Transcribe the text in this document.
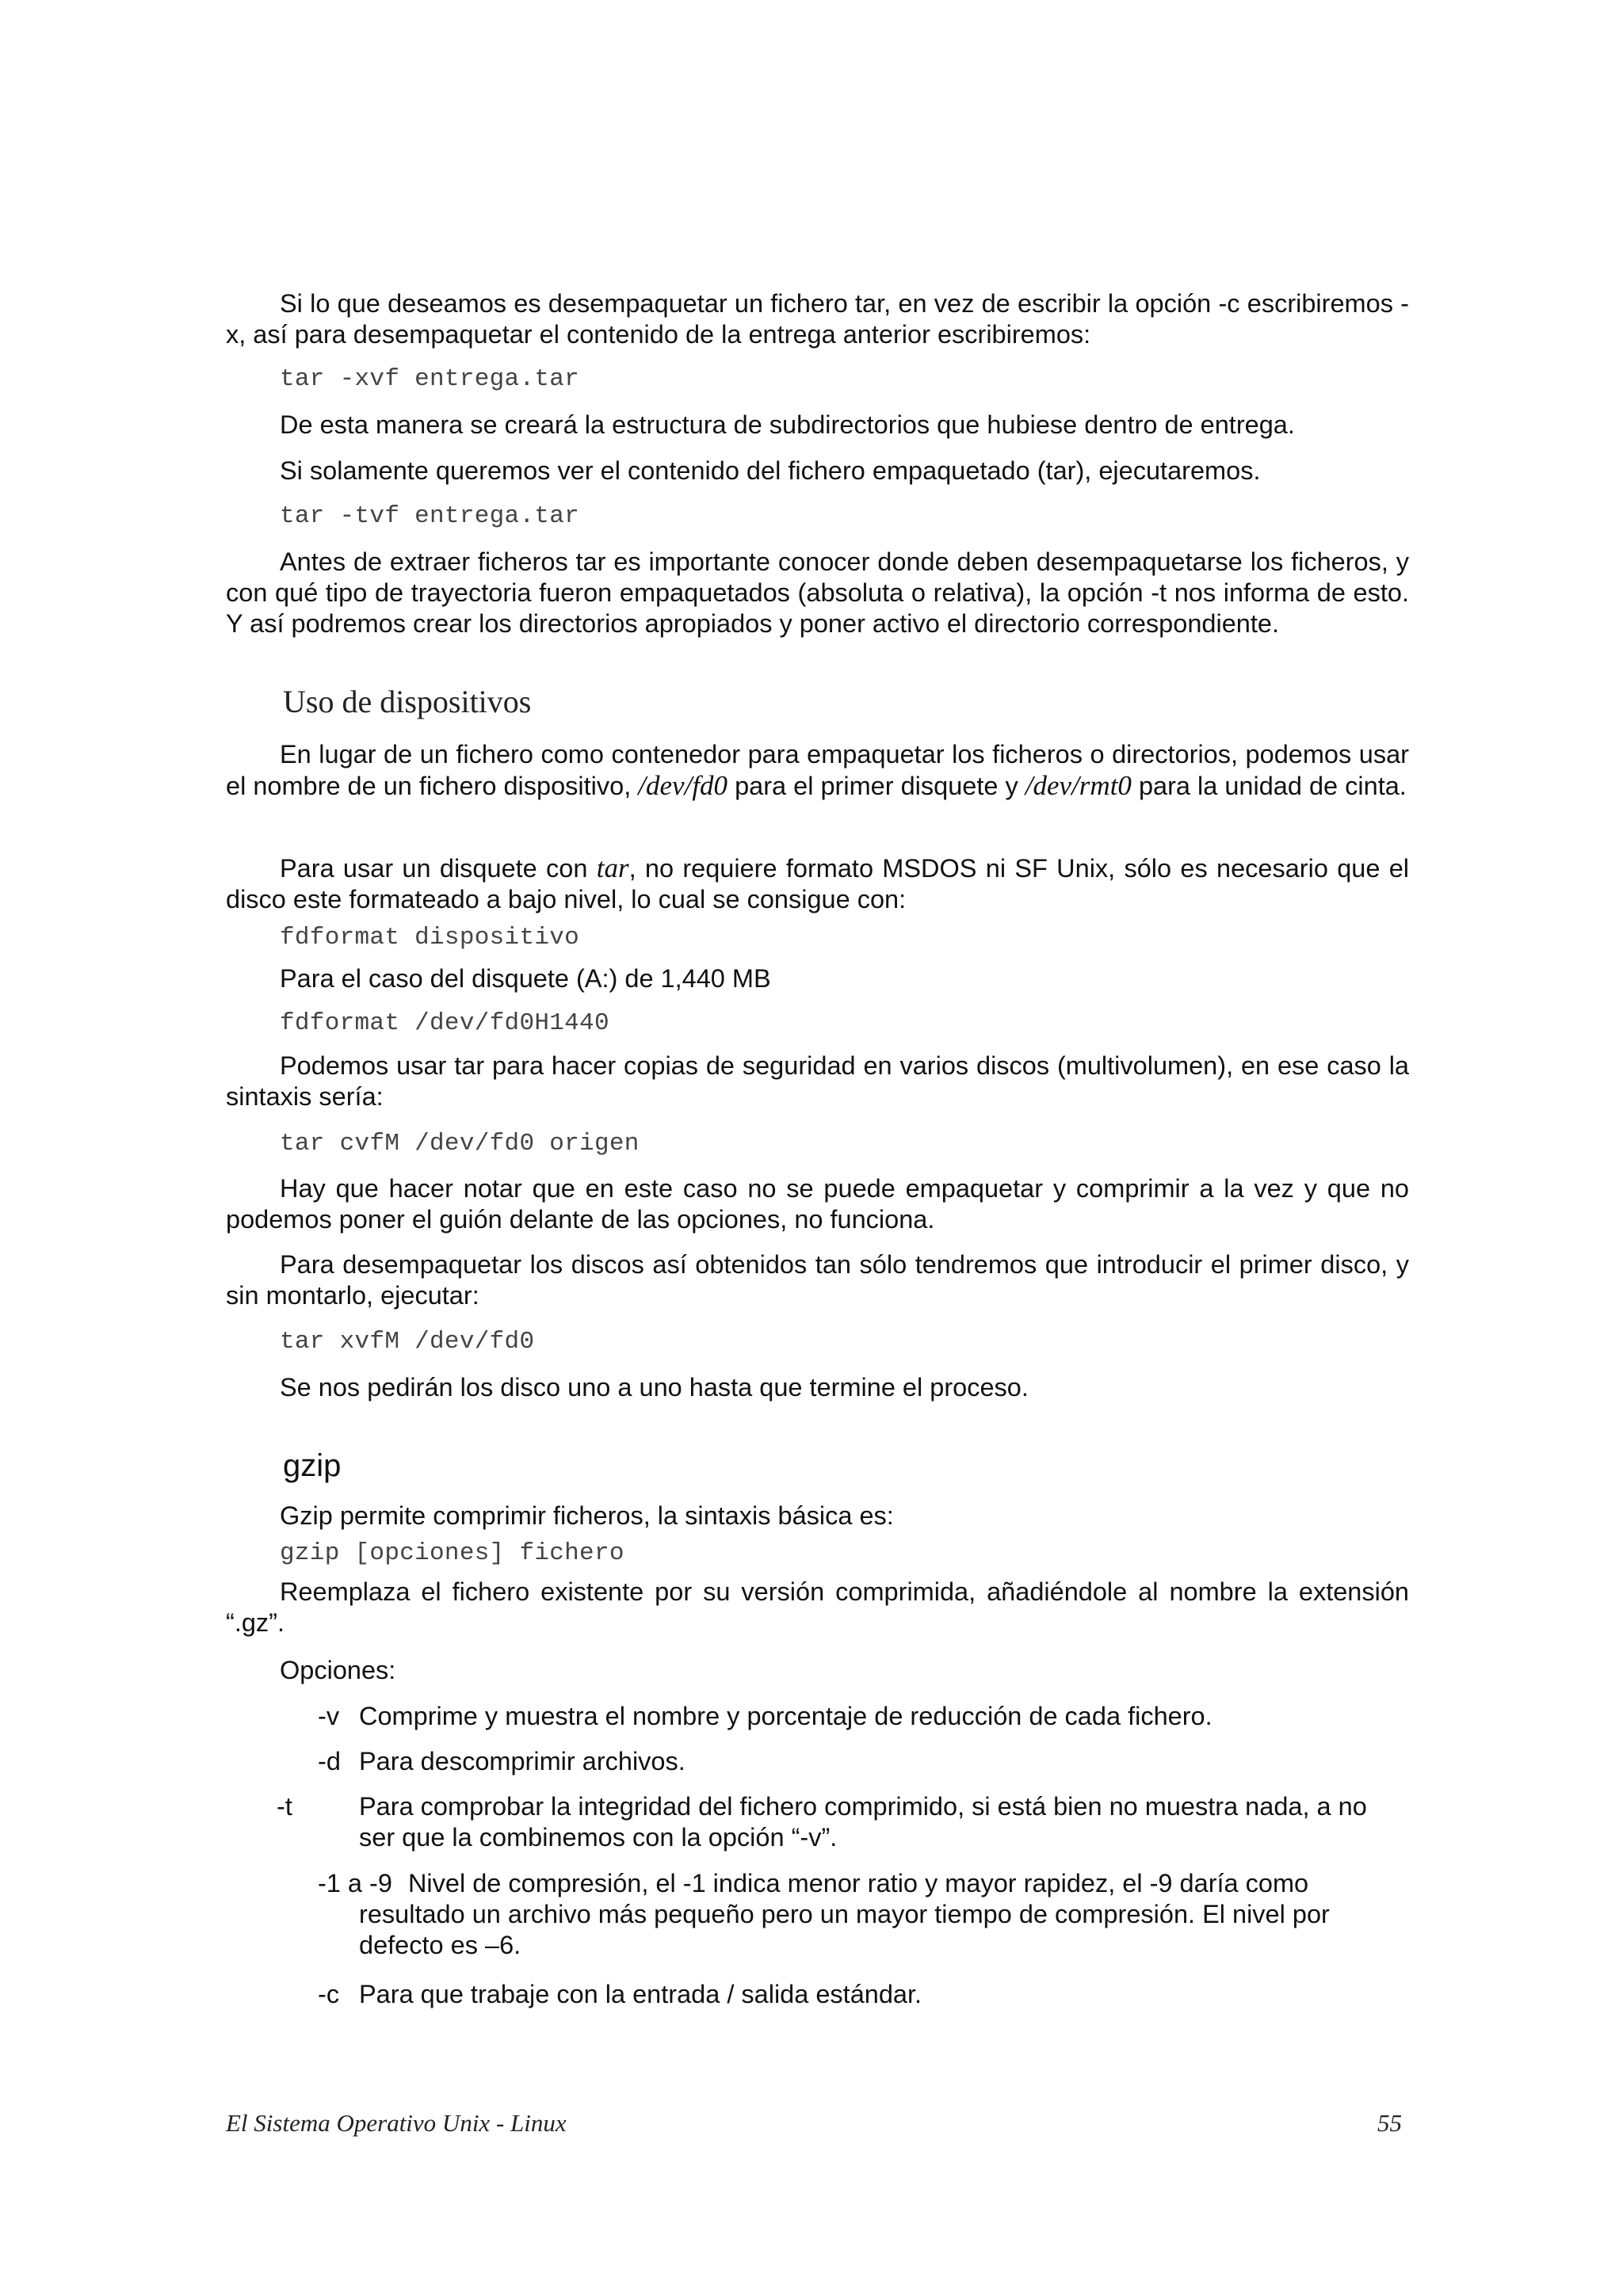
Si lo que deseamos es desempaquetar un fichero tar, en vez de escribir la opción -c escribiremos -x, así para desempaquetar el contenido de la entrega anterior escribiremos:

tar -xvf entrega.tar

De esta manera se creará la estructura de subdirectorios que hubiese dentro de entrega.

Si solamente queremos ver el contenido del fichero empaquetado (tar), ejecutaremos.

tar -tvf entrega.tar

Antes de extraer ficheros tar es importante conocer donde deben desempaquetarse los ficheros, y con qué tipo de trayectoria fueron empaquetados (absoluta o relativa), la opción -t nos informa de esto. Y así podremos crear los directorios apropiados y poner activo el directorio correspondiente.

Uso de dispositivos

En lugar de un fichero como contenedor para empaquetar los ficheros o directorios, podemos usar el nombre de un fichero dispositivo, /dev/fd0 para el primer disquete y /dev/rmt0 para la unidad de cinta.

Para usar un disquete con tar, no requiere formato MSDOS ni SF Unix, sólo es necesario que el disco este formateado a bajo nivel, lo cual se consigue con:

fdformat dispositivo

Para el caso del disquete (A:) de 1,440 MB

fdformat /dev/fd0H1440

Podemos usar tar para hacer copias de seguridad en varios discos (multivolumen), en ese caso la sintaxis sería:

tar cvfM /dev/fd0 origen

Hay que hacer notar que en este caso no se puede empaquetar y comprimir a la vez y que no podemos poner el guión delante de las opciones, no funciona.

Para desempaquetar los discos así obtenidos tan sólo tendremos que introducir el primer disco, y sin montarlo, ejecutar:

tar xvfM /dev/fd0

Se nos pedirán los disco uno a uno hasta que termine el proceso.

gzip

Gzip permite comprimir ficheros, la sintaxis básica es:

gzip [opciones] fichero

Reemplaza el fichero existente por su versión comprimida, añadiéndole al nombre la extensión “.gz”.

Opciones:

-v Comprime y muestra el nombre y porcentaje de reducción de cada fichero.
-d Para descomprimir archivos.
-t	Para comprobar la integridad del fichero comprimido, si está bien no muestra nada, a no ser que la combinemos con la opción “-v”.
-1 a -9 Nivel de compresión, el -1 indica menor ratio y mayor rapidez, el -9 daría como resultado un archivo más pequeño pero un mayor tiempo de compresión. El nivel por defecto es –6.
-c Para que trabaje con la entrada / salida estándar.
El Sistema Operativo Unix - Linux	55
